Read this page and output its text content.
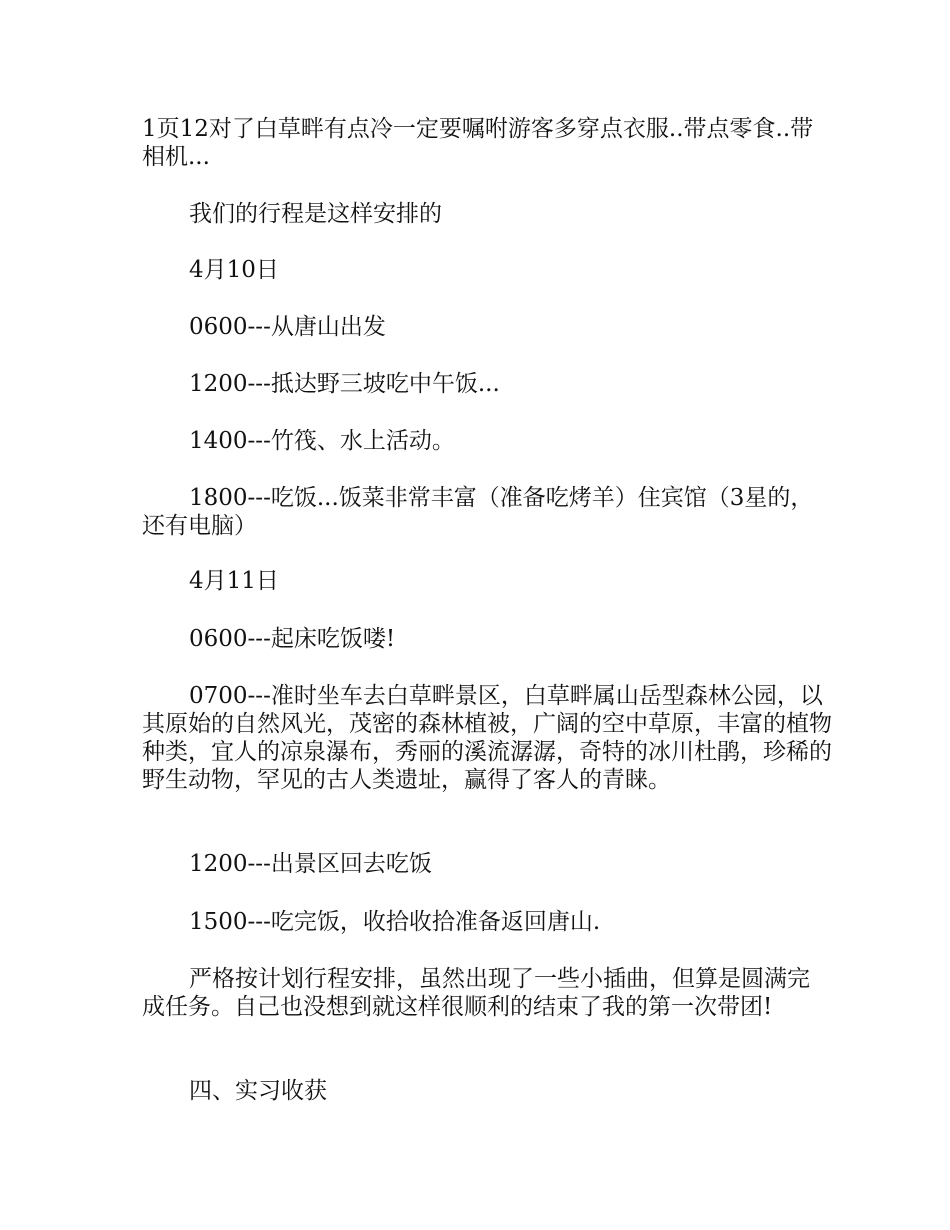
1页12对了白草畔有点冷一定要嘱咐游客多穿点衣服..带点零食..带相机...

我们的行程是这样安排的

4月10日

0600---从唐山出发

1200---抵达野三坡吃中午饭...

1400---竹筏、水上活动。

1800---吃饭...饭菜非常丰富（准备吃烤羊）住宾馆（3星的，还有电脑）

4月11日

0600---起床吃饭喽!

0700---准时坐车去白草畔景区，白草畔属山岳型森林公园，以其原始的自然风光，茂密的森林植被，广阔的空中草原，丰富的植物种类，宜人的凉泉瀑布，秀丽的溪流潺潺，奇特的冰川杜鹃，珍稀的野生动物，罕见的古人类遗址，赢得了客人的青睐。

1200---出景区回去吃饭

1500---吃完饭，收拾收拾准备返回唐山.

严格按计划行程安排，虽然出现了一些小插曲，但算是圆满完成任务。自己也没想到就这样很顺利的结束了我的第一次带团!

四、实习收获
